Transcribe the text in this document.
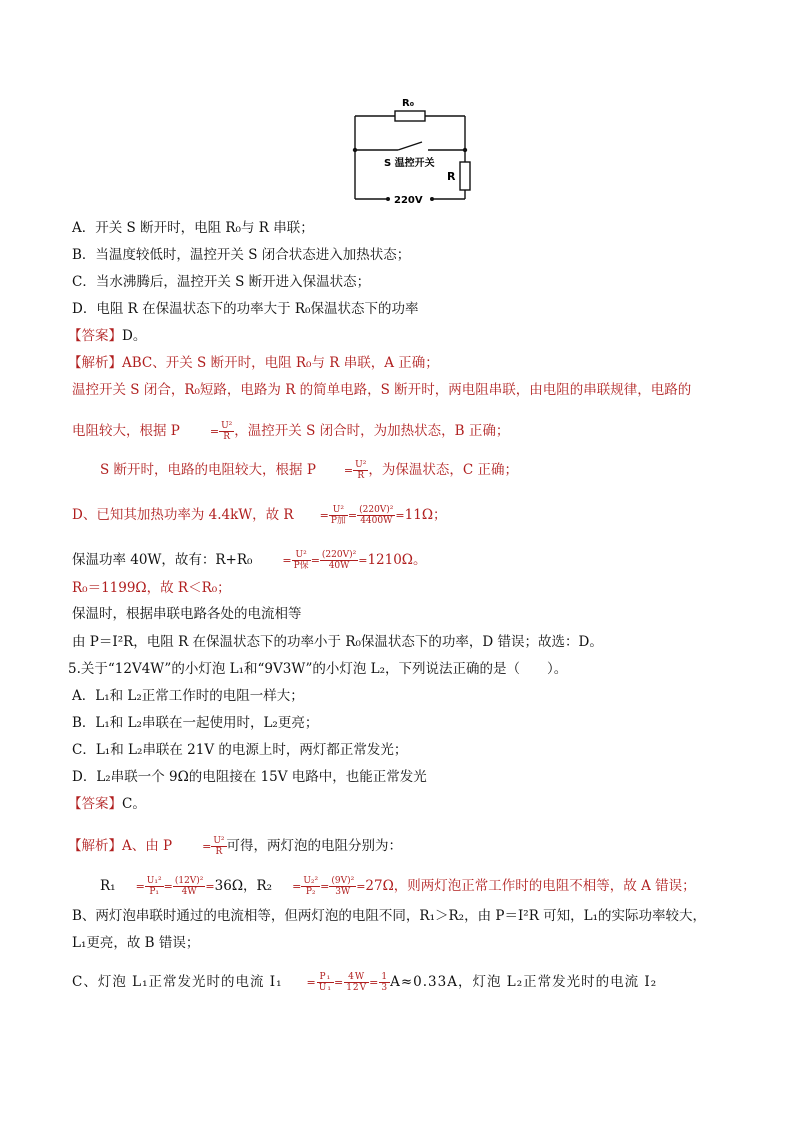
R₀
S 温控开关
R
220V
A．开关 S 断开时，电阻 R₀与 R 串联；
B．当温度较低时，温控开关 S 闭合状态进入加热状态；
C．当水沸腾后，温控开关 S 断开进入保温状态；
D．电阻 R 在保温状态下的功率大于 R₀保温状态下的功率
【答案】D。
【解析】ABC、开关 S 断开时，电阻 R₀与 R 串联，A 正确；
温控开关 S 闭合，R₀短路，电路为 R 的简单电路，S 断开时，两电阻串联，由电阻的串联规律，电路的
电阻较大，根据 P	= $\frac{\text{U²}}{R}$ ，温控开关 S 闭合时，为加热状态，B 正确；
S 断开时，电路的电阻较大，根据 P	= $\frac{\text{U²}}{R}$ ，为保温状态，C 正确；
D、已知其加热功率为 4.4kW，故 $R = \frac{\text{U²}}{\text{P加}} = \frac{\text{(220V)²}}{4400W} =11\Omega$；
保温功率 40W，故有：R+R₀	= $\frac{\text{U²}}{\text{P保}} = \frac{\text{(220V)²}}{40W} =1210\Omega$。
R₀＝1199Ω，故 R＜R₀；
保温时，根据串联电路各处的电流相等
由 P＝I²R，电阻 R 在保温状态下的功率小于 R₀保温状态下的功率，D 错误；故选：D。
5.关于“12V4W”的小灯泡 L₁和“9V3W”的小灯泡 L₂，下列说法正确的是（　　）。
A．L₁和 L₂正常工作时的电阻一样大；
B．L₁和 L₂串联在一起使用时，L₂更亮；
C．L₁和 L₂串联在 21V 的电源上时，两灯都正常发光；
D．L₂串联一个 9Ω的电阻接在 15V 电路中，也能正常发光
【答案】C。
【解析】A、由 P	= $\frac{\text{U²}}{R}$ 可得，两灯泡的电阻分别为：
$R_1 = \frac{\text{U₁²}}{\text{P₁}} = \frac{\text{(12V)²}}{4W} =36\Omega$，$R_2 = \frac{\text{U₂²}}{\text{P₂}} = \frac{\text{(9V)²}}{3W} =27\Omega$，则两灯泡正常工作时的电阻不相等，故 A 错误；
B、两灯泡串联时通过的电流相等，但两灯泡的电阻不同，R₁＞R₂，由 P＝I²R 可知，L₁的实际功率较大，
L₁更亮，故 B 错误；
C、灯泡 L₁正常发光时的电流 $I_1 = \frac{\text{P₁}}{\text{U₁}} = \frac{4W}{12V} = \frac{1}{3} A\approx 0.33A$，灯泡 L₂正常发光时的电流 I₂
